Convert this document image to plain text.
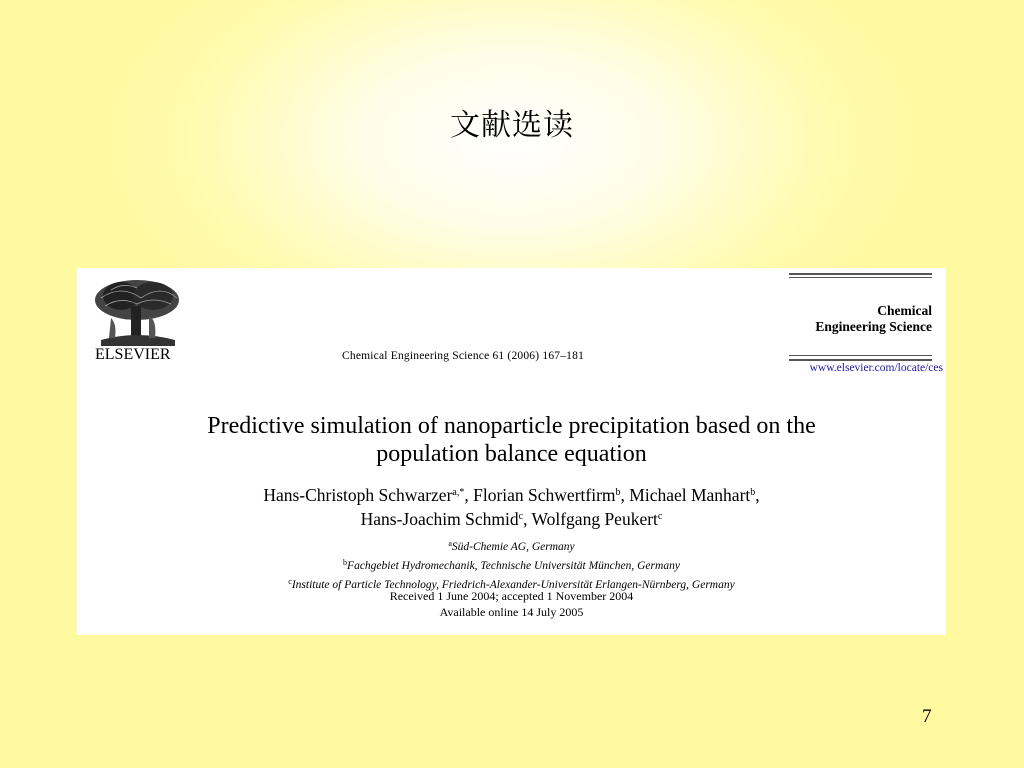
文献选读
ELSEVIER	Chemical Engineering Science 61 (2006) 167–181
Chemical
Engineering Science
www.elsevier.com/locate/ces
Predictive simulation of nanoparticle precipitation based on the
population balance equation
Hans-Christoph Schwarzer$^{a,*}$, Florian Schwertfirm$^b$, Michael Manhart$^b$,
Hans-Joachim Schmid$^c$, Wolfgang Peukert$^c$
$^a$Süd-Chemie AG, Germany
$^b$Fachgebiet Hydromechanik, Technische Universität München, Germany
$^c$Institute of Particle Technology, Friedrich-Alexander-Universität Erlangen-Nürnberg, Germany
Received 1 June 2004; accepted 1 November 2004
Available online 14 July 2005
7
